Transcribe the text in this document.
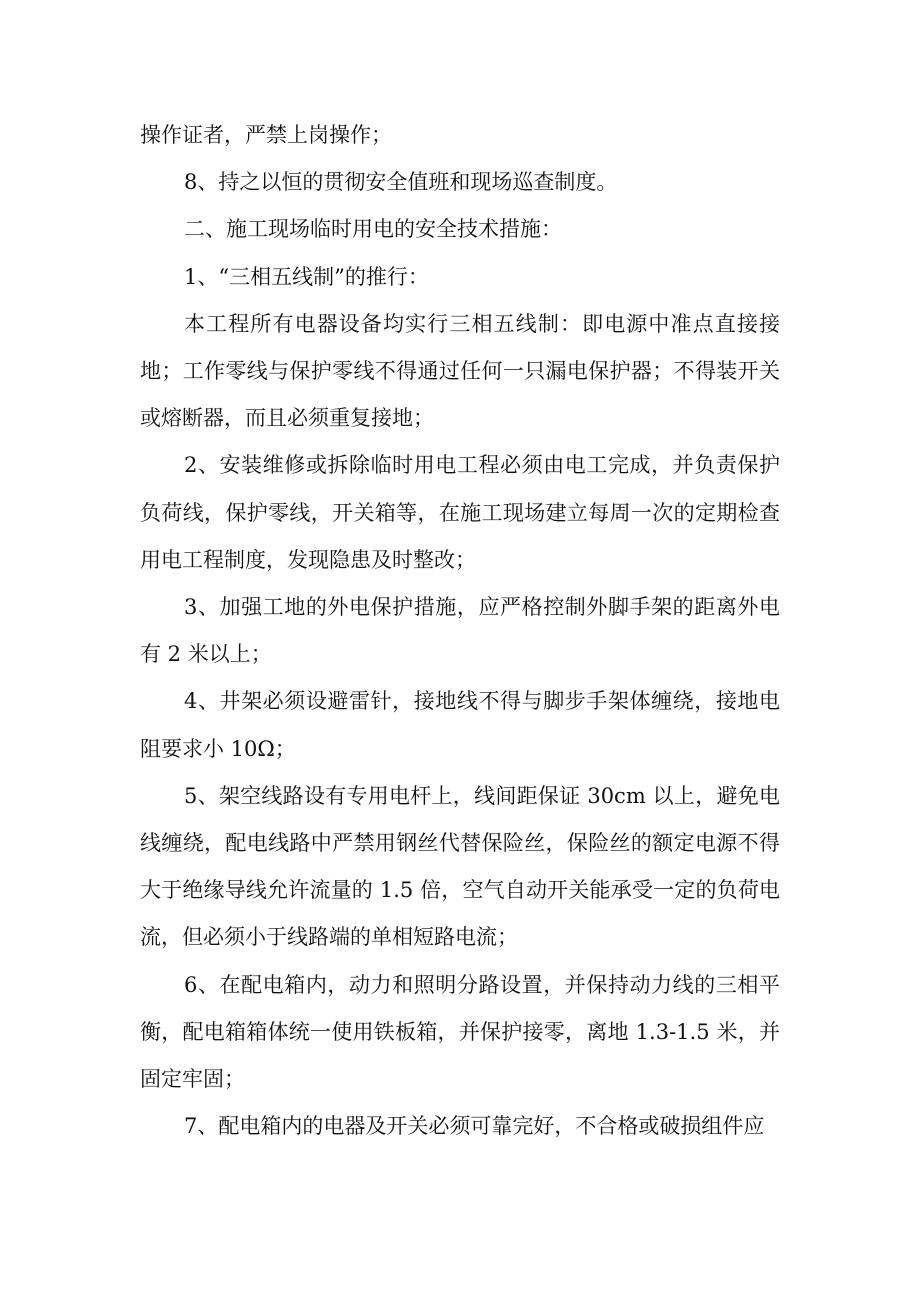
操作证者，严禁上岗操作；

8、持之以恒的贯彻安全值班和现场巡查制度。

二、施工现场临时用电的安全技术措施：

1、“三相五线制”的推行：

本工程所有电器设备均实行三相五线制：即电源中准点直接接地；工作零线与保护零线不得通过任何一只漏电保护器；不得装开关或熔断器，而且必须重复接地；

2、安装维修或拆除临时用电工程必须由电工完成，并负责保护负荷线，保护零线，开关箱等，在施工现场建立每周一次的定期检查用电工程制度，发现隐患及时整改；

3、加强工地的外电保护措施，应严格控制外脚手架的距离外电有 2 米以上；

4、井架必须设避雷针，接地线不得与脚步手架体缠绕，接地电阻要求小 10Ω；

5、架空线路设有专用电杆上，线间距保证 30cm 以上，避免电线缠绕，配电线路中严禁用钢丝代替保险丝，保险丝的额定电源不得大于绝缘导线允许流量的 1.5 倍，空气自动开关能承受一定的负荷电流，但必须小于线路端的单相短路电流；

6、在配电箱内，动力和照明分路设置，并保持动力线的三相平衡，配电箱箱体统一使用铁板箱，并保护接零，离地 1.3-1.5 米，并固定牢固；

7、配电箱内的电器及开关必须可靠完好，不合格或破损组件应
